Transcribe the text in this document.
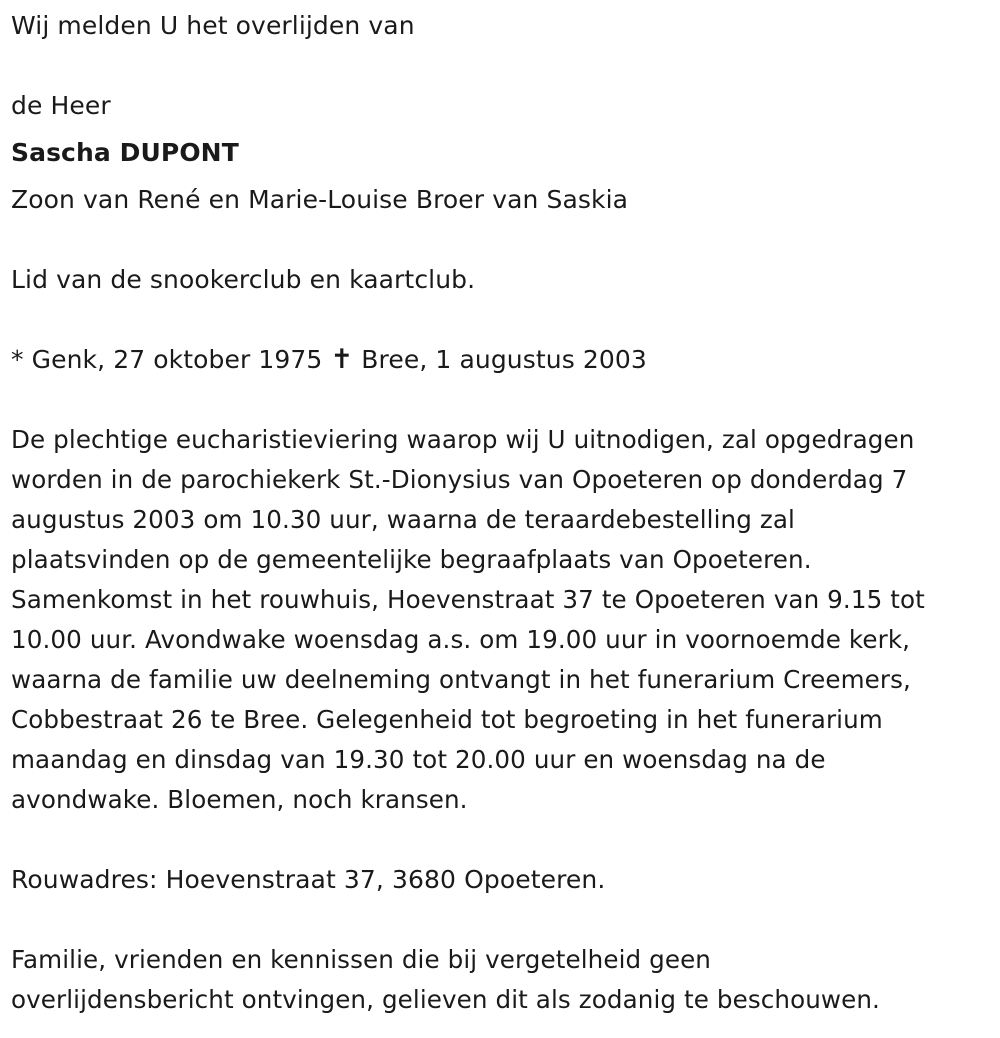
Wij melden U het overlijden van

de Heer

Sascha DUPONT

Zoon van René en Marie-Louise Broer van Saskia

Lid van de snookerclub en kaartclub.

* Genk, 27 oktober 1975 ✝ Bree, 1 augustus 2003

De plechtige eucharistieviering waarop wij U uitnodigen, zal opgedragen

worden in de parochiekerk St.-Dionysius van Opoeteren op donderdag 7

augustus 2003 om 10.30 uur, waarna de teraardebestelling zal

plaatsvinden op de gemeentelijke begraafplaats van Opoeteren.

Samenkomst in het rouwhuis, Hoevenstraat 37 te Opoeteren van 9.15 tot

10.00 uur. Avondwake woensdag a.s. om 19.00 uur in voornoemde kerk,

waarna de familie uw deelneming ontvangt in het funerarium Creemers,

Cobbestraat 26 te Bree. Gelegenheid tot begroeting in het funerarium

maandag en dinsdag van 19.30 tot 20.00 uur en woensdag na de

avondwake. Bloemen, noch kransen.

Rouwadres: Hoevenstraat 37, 3680 Opoeteren.

Familie, vrienden en kennissen die bij vergetelheid geen

overlijdensbericht ontvingen, gelieven dit als zodanig te beschouwen.
